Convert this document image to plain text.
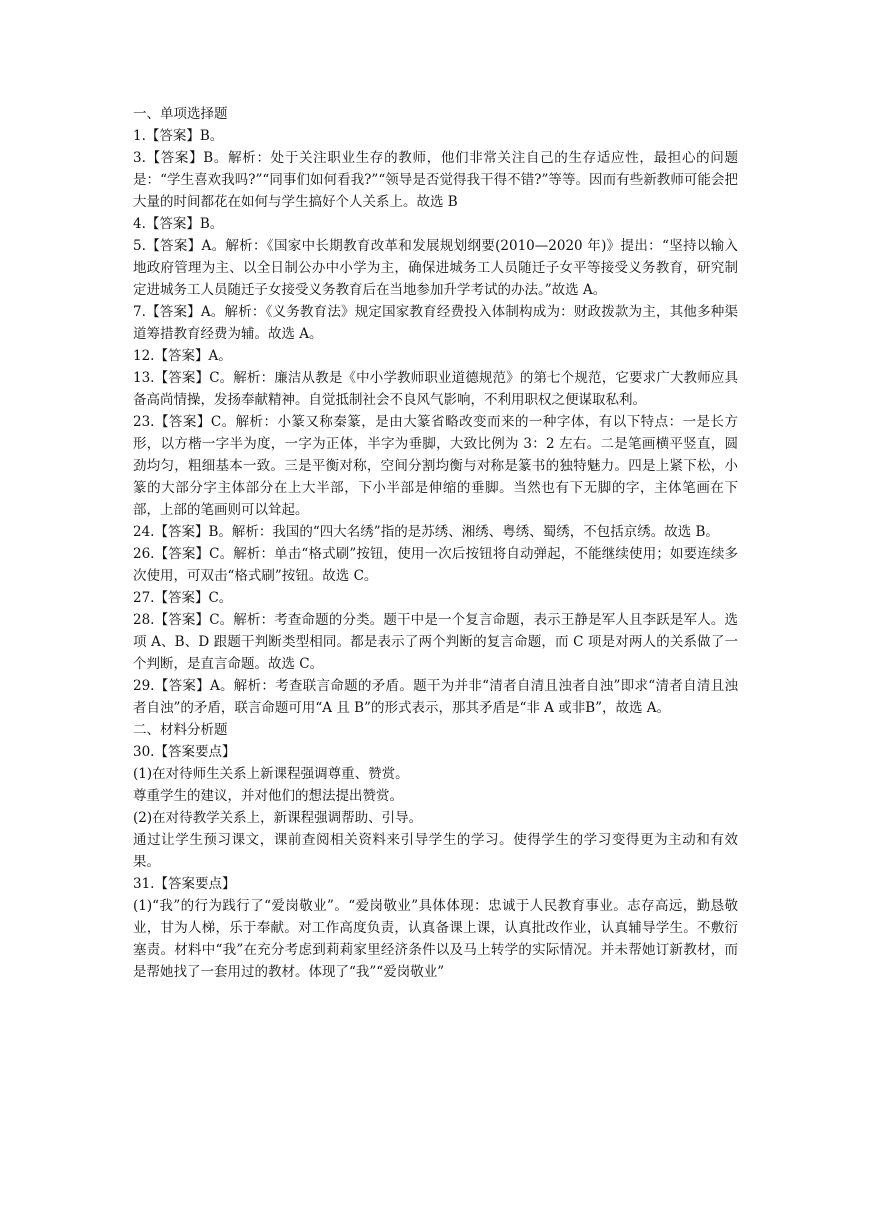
一、单项选择题

1.【答案】B。

3.【答案】B。解析：处于关注职业生存的教师，他们非常关注自己的生存适应性，最担心的问题是：“学生喜欢我吗?”“同事们如何看我?”“领导是否觉得我干得不错?”等等。因而有些新教师可能会把大量的时间都花在如何与学生搞好个人关系上。故选 B

4.【答案】B。

5.【答案】A。解析：《国家中长期教育改革和发展规划纲要(2010—2020 年)》提出：“坚持以输入地政府管理为主、以全日制公办中小学为主，确保进城务工人员随迁子女平等接受义务教育，研究制定进城务工人员随迁子女接受义务教育后在当地参加升学考试的办法。”故选 A。

7.【答案】A。解析：《义务教育法》规定国家教育经费投入体制构成为：财政拨款为主，其他多种渠道筹措教育经费为辅。故选 A。

12.【答案】A。

13.【答案】C。解析：廉洁从教是《中小学教师职业道德规范》的第七个规范，它要求广大教师应具备高尚情操，发扬奉献精神。自觉抵制社会不良风气影响，不利用职权之便谋取私利。

23.【答案】C。解析：小篆又称秦篆，是由大篆省略改变而来的一种字体，有以下特点：一是长方形，以方楷一字半为度，一字为正体，半字为垂脚，大致比例为 3：2 左右。二是笔画横平竖直，圆劲均匀，粗细基本一致。三是平衡对称，空间分割均衡与对称是篆书的独特魅力。四是上紧下松，小篆的大部分字主体部分在上大半部，下小半部是伸缩的垂脚。当然也有下无脚的字，主体笔画在下部，上部的笔画则可以耸起。

24.【答案】B。解析：我国的“四大名绣”指的是苏绣、湘绣、粤绣、蜀绣，不包括京绣。故选 B。

26.【答案】C。解析：单击“格式刷”按钮，使用一次后按钮将自动弹起，不能继续使用；如要连续多次使用，可双击“格式刷”按钮。故选 C。

27.【答案】C。

28.【答案】C。解析：考查命题的分类。题干中是一个复言命题，表示王静是军人且李跃是军人。选项 A、B、D 跟题干判断类型相同。都是表示了两个判断的复言命题，而 C 项是对两人的关系做了一个判断，是直言命题。故选 C。

29.【答案】A。解析：考查联言命题的矛盾。题干为并非“清者自清且浊者自浊”即求“清者自清且浊者自浊”的矛盾，联言命题可用“A 且 B”的形式表示，那其矛盾是“非 A 或非B”，故选 A。

二、材料分析题

30.【答案要点】

(1)在对待师生关系上新课程强调尊重、赞赏。

尊重学生的建议，并对他们的想法提出赞赏。

(2)在对待教学关系上，新课程强调帮助、引导。

通过让学生预习课文，课前查阅相关资料来引导学生的学习。使得学生的学习变得更为主动和有效果。

31.【答案要点】

(1)“我”的行为践行了“爱岗敬业”。“爱岗敬业”具体体现：忠诚于人民教育事业。志存高远，勤恳敬业，甘为人梯，乐于奉献。对工作高度负责，认真备课上课，认真批改作业，认真辅导学生。不敷衍塞责。材料中“我”在充分考虑到莉莉家里经济条件以及马上转学的实际情况。并未帮她订新教材，而是帮她找了一套用过的教材。体现了“我”“爱岗敬业”
